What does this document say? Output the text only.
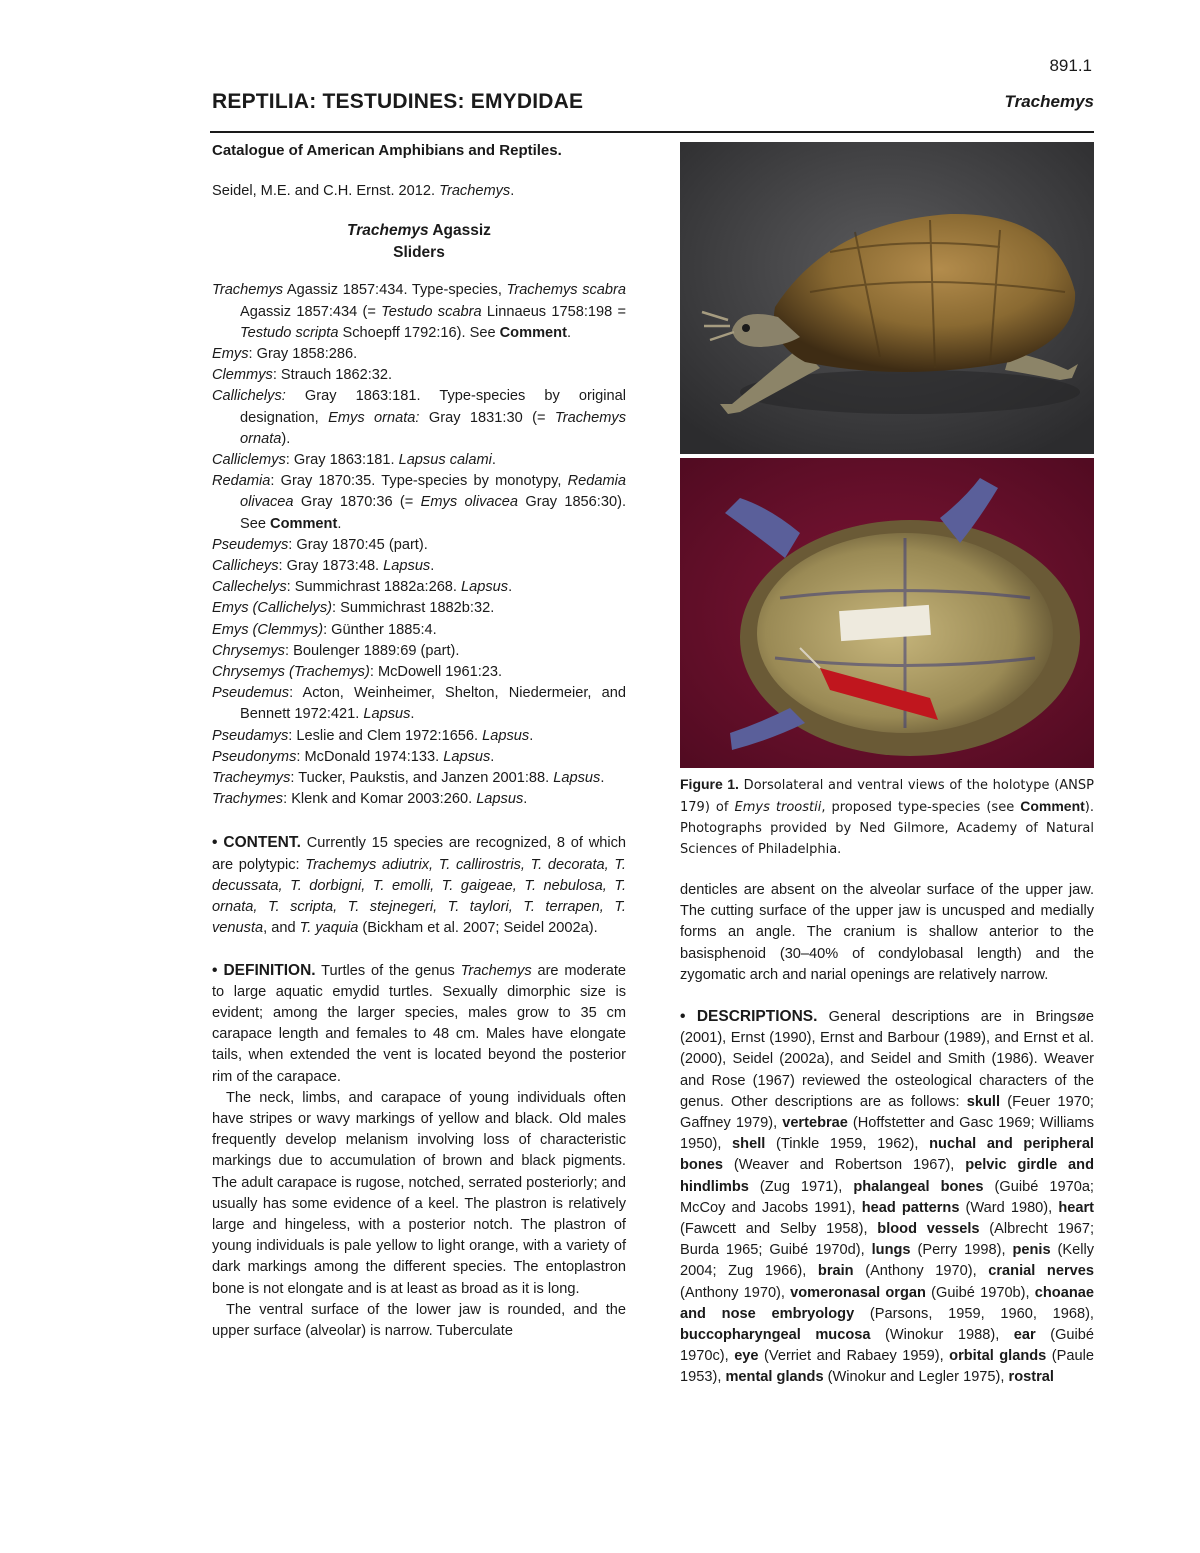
891.1
REPTILIA: TESTUDINES: EMYDIDAE	Trachemys
Catalogue of American Amphibians and Reptiles.
Seidel, M.E. and C.H. Ernst. 2012. Trachemys.
Trachemys Agassiz
Sliders
Trachemys Agassiz 1857:434. Type-species, Trachemys scabra Agassiz 1857:434 (= Testudo scabra Linnaeus 1758:198 = Testudo scripta Schoepff 1792:16). See Comment.
Emys: Gray 1858:286.
Clemmys: Strauch 1862:32.
Callichelys: Gray 1863:181. Type-species by original designation, Emys ornata: Gray 1831:30 (= Trachemys ornata).
Calliclemys: Gray 1863:181. Lapsus calami.
Redamia: Gray 1870:35. Type-species by monotypy, Redamia olivacea Gray 1870:36 (= Emys olivacea Gray 1856:30). See Comment.
Pseudemys: Gray 1870:45 (part).
Callicheys: Gray 1873:48. Lapsus.
Callechelys: Summichrast 1882a:268. Lapsus.
Emys (Callichelys): Summichrast 1882b:32.
Emys (Clemmys): Günther 1885:4.
Chrysemys: Boulenger 1889:69 (part).
Chrysemys (Trachemys): McDowell 1961:23.
Pseudemus: Acton, Weinheimer, Shelton, Niedermeier, and Bennett 1972:421. Lapsus.
Pseudamys: Leslie and Clem 1972:1656. Lapsus.
Pseudonyms: McDonald 1974:133. Lapsus.
Tracheymys: Tucker, Paukstis, and Janzen 2001:88. Lapsus.
Trachymes: Klenk and Komar 2003:260. Lapsus.
• CONTENT. Currently 15 species are recognized, 8 of which are polytypic: Trachemys adiutrix, T. callirostris, T. decorata, T. decussata, T. dorbigni, T. emolli, T. gaigeae, T. nebulosa, T. ornata, T. scripta, T. stejnegeri, T. taylori, T. terrapen, T. venusta, and T. yaquia (Bickham et al. 2007; Seidel 2002a).
• DEFINITION. Turtles of the genus Trachemys are moderate to large aquatic emydid turtles. Sexually dimorphic size is evident; among the larger species, males grow to 35 cm carapace length and females to 48 cm. Males have elongate tails, when extended the vent is located beyond the posterior rim of the carapace.
The neck, limbs, and carapace of young individuals often have stripes or wavy markings of yellow and black. Old males frequently develop melanism involving loss of characteristic markings due to accumulation of brown and black pigments. The adult carapace is rugose, notched, serrated posteriorly; and usually has some evidence of a keel. The plastron is relatively large and hingeless, with a posterior notch. The plastron of young individuals is pale yellow to light orange, with a variety of dark markings among the different species. The entoplastron bone is not elongate and is at least as broad as it is long.
The ventral surface of the lower jaw is rounded, and the upper surface (alveolar) is narrow. Tuberculate
Figure 1. Dorsolateral and ventral views of the holotype (ANSP 179) of Emys troostii, proposed type-species (see Comment). Photographs provided by Ned Gilmore, Academy of Natural Sciences of Philadelphia.
denticles are absent on the alveolar surface of the upper jaw. The cutting surface of the upper jaw is uncusped and medially forms an angle. The cranium is shallow anterior to the basisphenoid (30–40% of condylobasal length) and the zygomatic arch and narial openings are relatively narrow.
• DESCRIPTIONS. General descriptions are in Bringsøe (2001), Ernst (1990), Ernst and Barbour (1989), and Ernst et al. (2000), Seidel (2002a), and Seidel and Smith (1986). Weaver and Rose (1967) reviewed the osteological characters of the genus. Other descriptions are as follows: skull (Feuer 1970; Gaffney 1979), vertebrae (Hoffstetter and Gasc 1969; Williams 1950), shell (Tinkle 1959, 1962), nuchal and peripheral bones (Weaver and Robertson 1967), pelvic girdle and hindlimbs (Zug 1971), phalangeal bones (Guibé 1970a; McCoy and Jacobs 1991), head patterns (Ward 1980), heart (Fawcett and Selby 1958), blood vessels (Albrecht 1967; Burda 1965; Guibé 1970d), lungs (Perry 1998), penis (Kelly 2004; Zug 1966), brain (Anthony 1970), cranial nerves (Anthony 1970), vomeronasal organ (Guibé 1970b), choanae and nose embryology (Parsons, 1959, 1960, 1968), buccopharyngeal mucosa (Winokur 1988), ear (Guibé 1970c), eye (Verriet and Rabaey 1959), orbital glands (Paule 1953), mental glands (Winokur and Legler 1975), rostral
